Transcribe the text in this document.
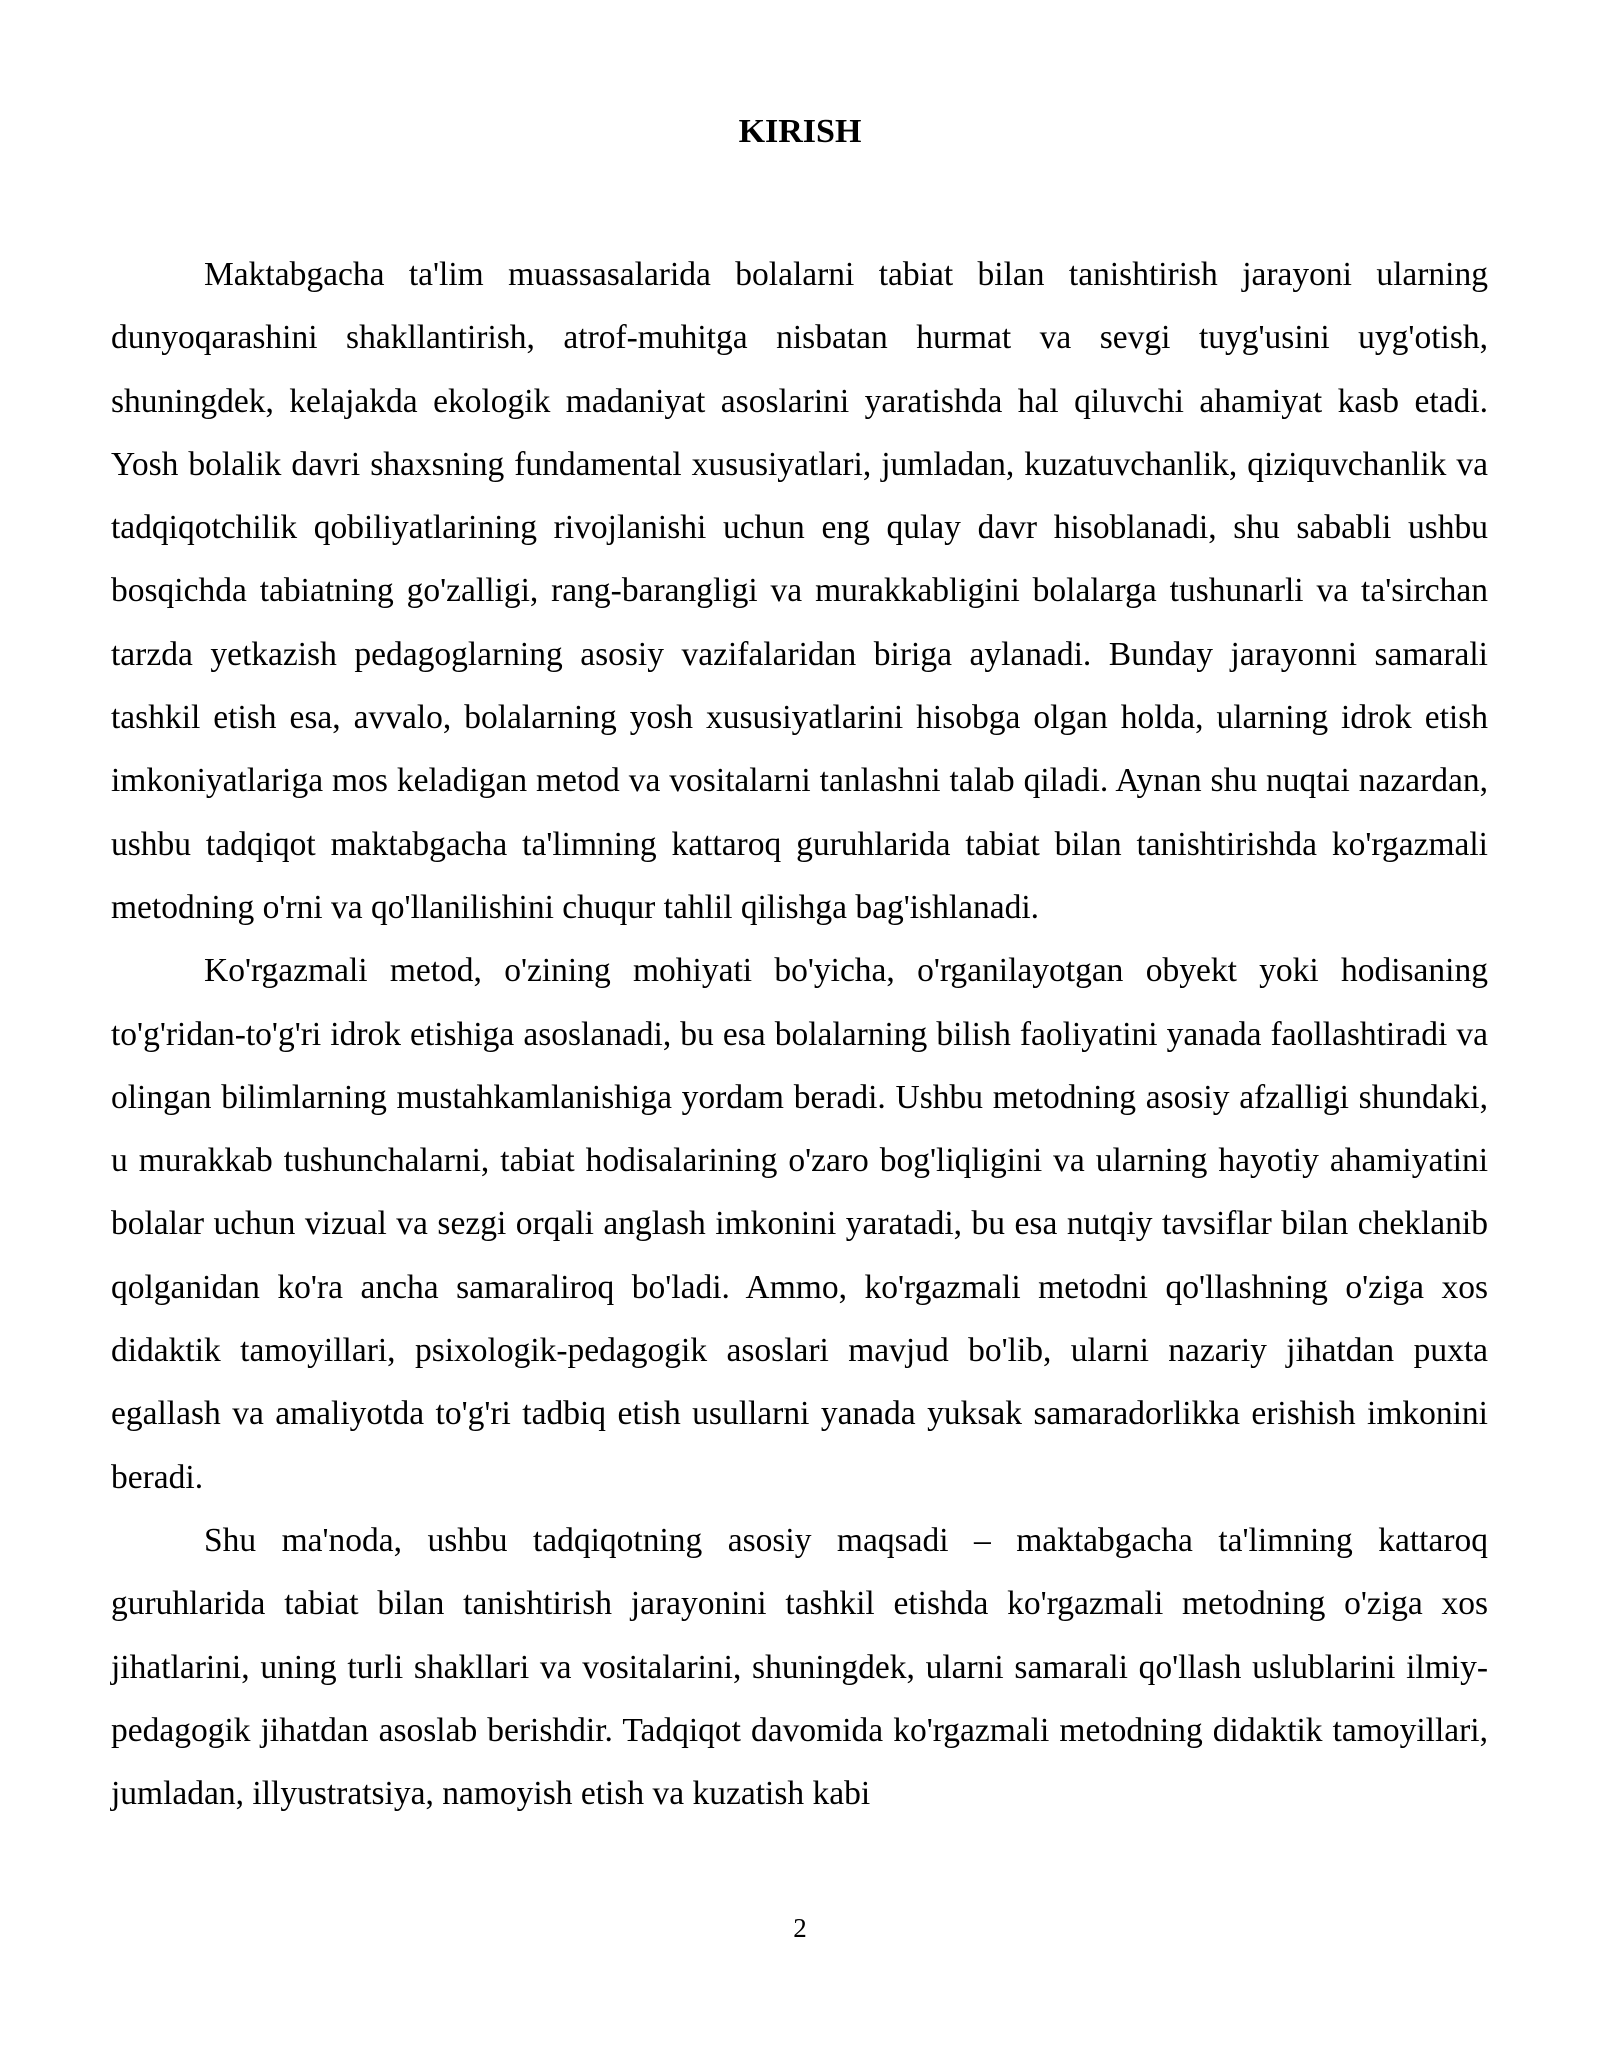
KIRISH

Maktabgacha ta'lim muassasalarida bolalarni tabiat bilan tanishtirish jarayoni ularning dunyoqarashini shakllantirish, atrof-muhitga nisbatan hurmat va sevgi tuyg'usini uyg'otish, shuningdek, kelajakda ekologik madaniyat asoslarini yaratishda hal qiluvchi ahamiyat kasb etadi. Yosh bolalik davri shaxsning fundamental xususiyatlari, jumladan, kuzatuvchanlik, qiziquvchanlik va tadqiqotchilik qobiliyatlarining rivojlanishi uchun eng qulay davr hisoblanadi, shu sababli ushbu bosqichda tabiatning go'zalligi, rang-barangligi va murakkabligini bolalarga tushunarli va ta'sirchan tarzda yetkazish pedagoglarning asosiy vazifalaridan biriga aylanadi. Bunday jarayonni samarali tashkil etish esa, avvalo, bolalarning yosh xususiyatlarini hisobga olgan holda, ularning idrok etish imkoniyatlariga mos keladigan metod va vositalarni tanlashni talab qiladi. Aynan shu nuqtai nazardan, ushbu tadqiqot maktabgacha ta'limning kattaroq guruhlarida tabiat bilan tanishtirishda ko'rgazmali metodning o'rni va qo'llanilishini chuqur tahlil qilishga bag'ishlanadi.

Ko'rgazmali metod, o'zining mohiyati bo'yicha, o'rganilayotgan obyekt yoki hodisaning to'g'ridan-to'g'ri idrok etishiga asoslanadi, bu esa bolalarning bilish faoliyatini yanada faollashtiradi va olingan bilimlarning mustahkamlanishiga yordam beradi. Ushbu metodning asosiy afzalligi shundaki, u murakkab tushunchalarni, tabiat hodisalarining o'zaro bog'liqligini va ularning hayotiy ahamiyatini bolalar uchun vizual va sezgi orqali anglash imkonini yaratadi, bu esa nutqiy tavsiflar bilan cheklanib qolganidan ko'ra ancha samaraliroq bo'ladi. Ammo, ko'rgazmali metodni qo'llashning o'ziga xos didaktik tamoyillari, psixologik-pedagogik asoslari mavjud bo'lib, ularni nazariy jihatdan puxta egallash va amaliyotda to'g'ri tadbiq etish usullarni yanada yuksak samaradorlikka erishish imkonini beradi.

Shu ma'noda, ushbu tadqiqotning asosiy maqsadi – maktabgacha ta'limning kattaroq guruhlarida tabiat bilan tanishtirish jarayonini tashkil etishda ko'rgazmali metodning o'ziga xos jihatlarini, uning turli shakllari va vositalarini, shuningdek, ularni samarali qo'llash uslublarini ilmiy-pedagogik jihatdan asoslab berishdir. Tadqiqot davomida ko'rgazmali metodning didaktik tamoyillari, jumladan, illyustratsiya, namoyish etish va kuzatish kabi

2
